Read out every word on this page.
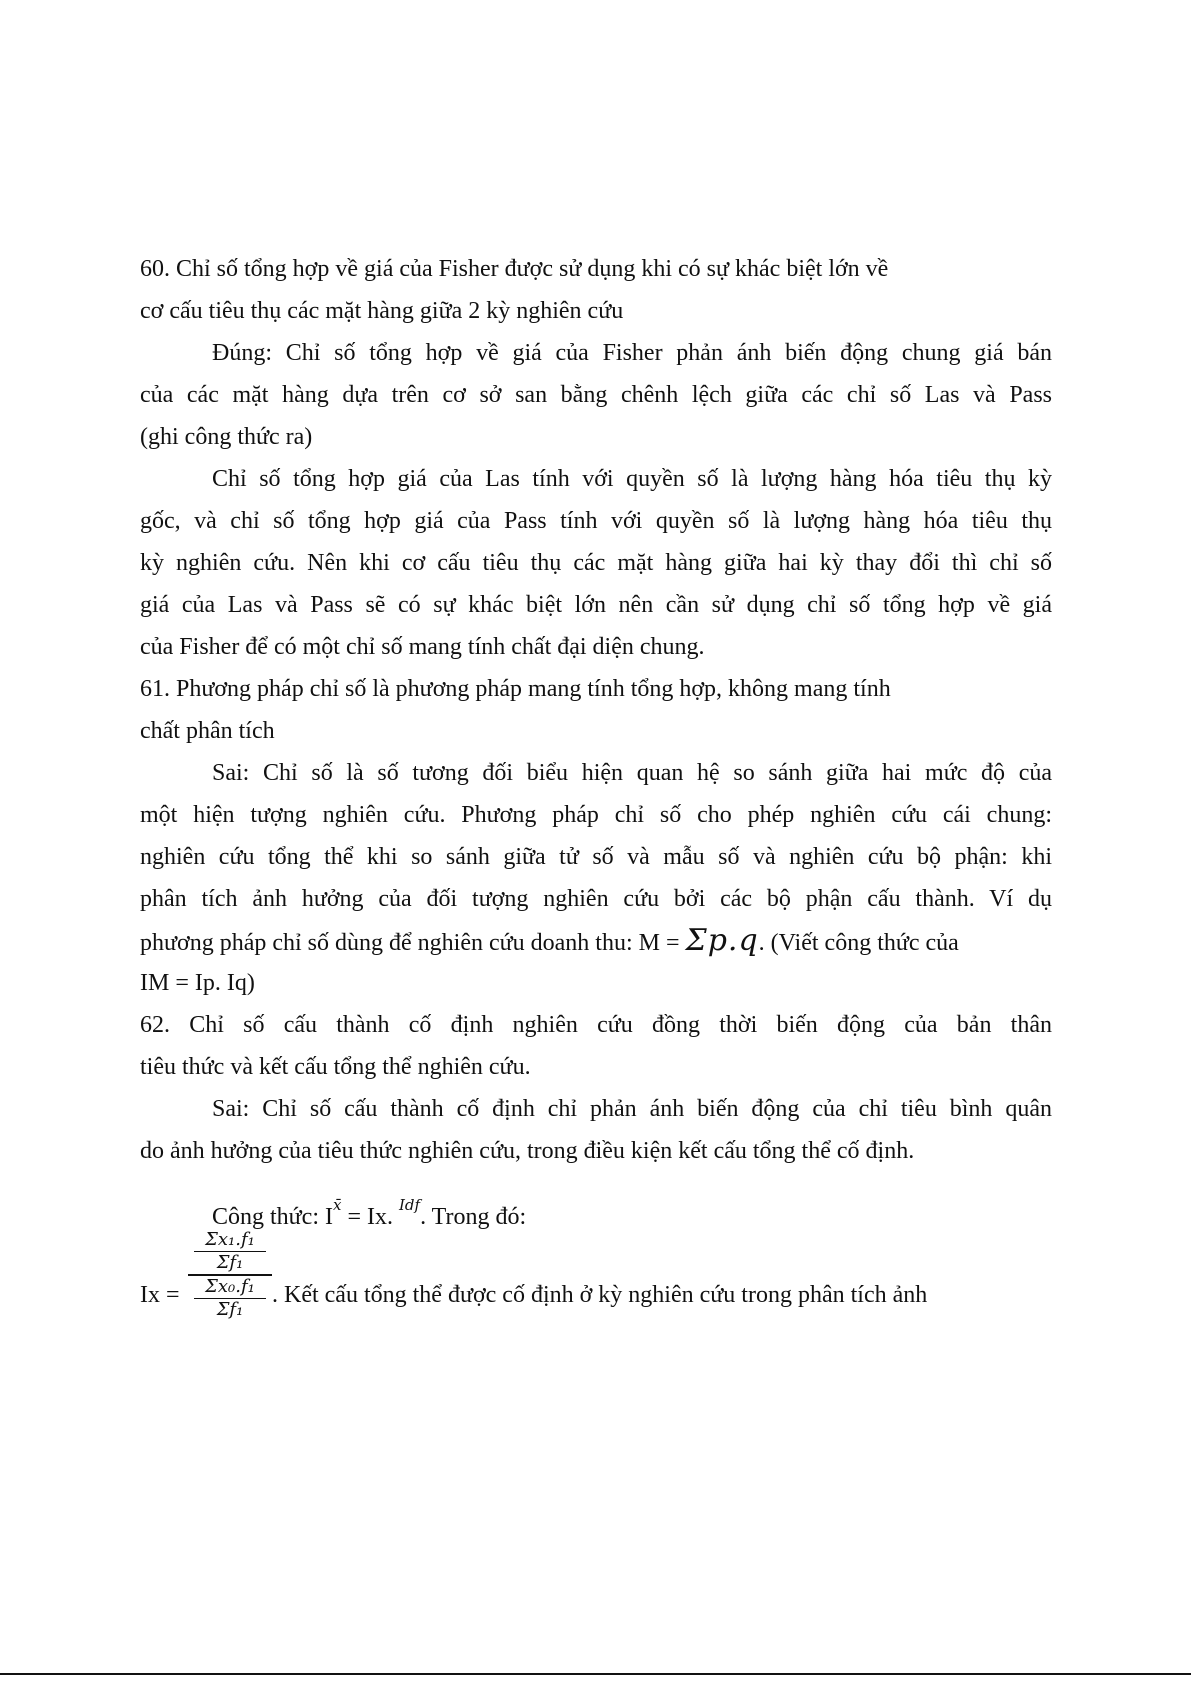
60. Chỉ số tổng hợp về giá của Fisher được sử dụng khi có sự khác biệt lớn về
cơ cấu tiêu thụ các mặt hàng giữa 2 kỳ nghiên cứu
Đúng: Chỉ số tổng hợp về giá của Fisher phản ánh biến động chung giá bán
của các mặt hàng dựa trên cơ sở san bằng chênh lệch giữa các chỉ số Las và Pass
(ghi công thức ra)
Chỉ số tổng hợp giá của Las tính với quyền số là lượng hàng hóa tiêu thụ kỳ
gốc, và chỉ số tổng hợp giá của Pass tính với quyền số là lượng hàng hóa tiêu thụ
kỳ nghiên cứu. Nên khi cơ cấu tiêu thụ các mặt hàng giữa hai kỳ thay đổi thì chỉ số
giá của Las và Pass sẽ có sự khác biệt lớn nên cần sử dụng chỉ số tổng hợp về giá
của Fisher để có một chỉ số mang tính chất đại diện chung.
61. Phương pháp chỉ số là phương pháp mang tính tổng hợp, không mang tính
chất phân tích
Sai: Chỉ số là số tương đối biểu hiện quan hệ so sánh giữa hai mức độ của
một hiện tượng nghiên cứu. Phương pháp chỉ số cho phép nghiên cứu cái chung:
nghiên cứu tổng thể khi so sánh giữa tử số và mẫu số và nghiên cứu bộ phận: khi
phân tích ảnh hưởng của đối tượng nghiên cứu bởi các bộ phận cấu thành. Ví dụ
phương pháp chỉ số dùng để nghiên cứu doanh thu: M = Σp.q. (Viết công thức của
IM = Ip. Iq)
62. Chỉ số cấu thành cố định nghiên cứu đồng thời biến động của bản thân
tiêu thức và kết cấu tổng thể nghiên cứu.
Sai: Chỉ số cấu thành cố định chỉ phản ánh biến động của chỉ tiêu bình quân
do ảnh hưởng của tiêu thức nghiên cứu, trong điều kiện kết cấu tổng thể cố định.
Công thức: $I^{x̄} = Ix$. $^{Idf}$. Trong đó:
Ix =
Σx₁.f₁
Σf₁
Σx₀.f₁
Σf₁
. Kết cấu tổng thể được cố định ở kỳ nghiên cứu trong phân tích ảnh
